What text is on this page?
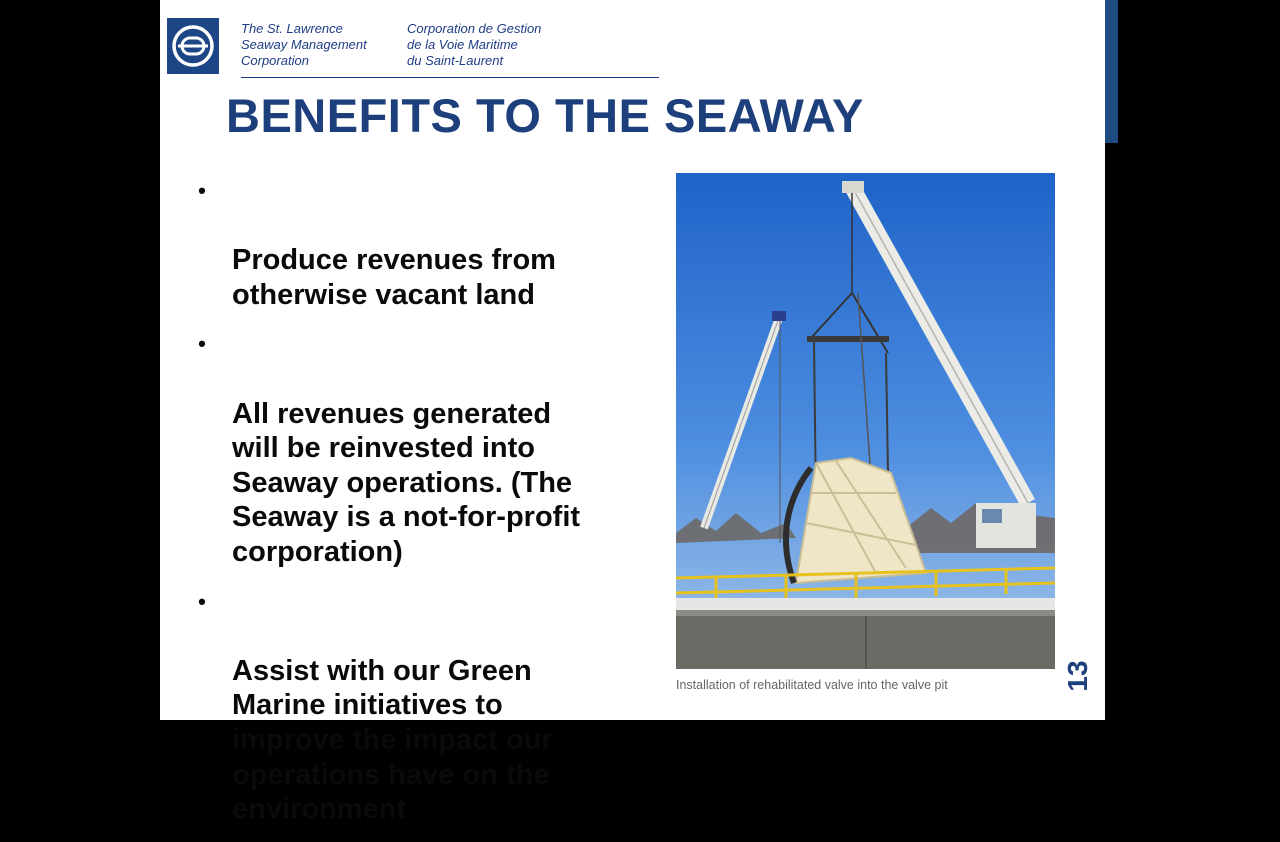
The St. Lawrence
Seaway Management
Corporation
Corporation de Gestion
de la Voie Maritime
du Saint-Laurent
BENEFITS TO THE SEAWAY

•

Produce revenues from
otherwise vacant land

•

All revenues generated
will be reinvested into
Seaway operations. (The
Seaway is a not-for-profit
corporation)

•

Assist with our Green
Marine initiatives to
improve the impact our
operations have on the
environment

Installation of rehabilitated valve into the valve pit	13
